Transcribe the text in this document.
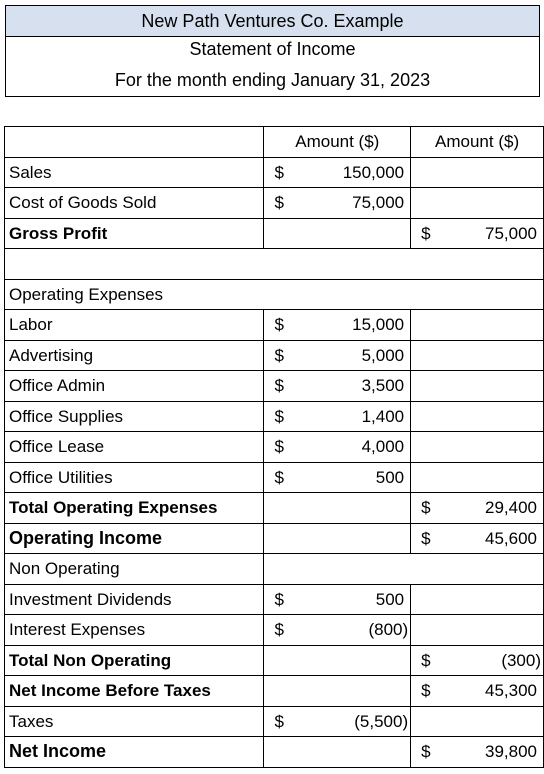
New Path Ventures Co. Example
Statement of Income
For the month ending January 31, 2023
	Amount ($)	Amount ($)
Sales	$ 150,000	

Cost of Goods Sold	$ 75,000	

Gross Profit		$ 75,000

Operating Expenses		
Labor	$ 15,000	

Advertising	$ 5,000	

Office Admin	$ 3,500	

Office Supplies	$ 1,400	

Office Lease	$ 4,000	

Office Utilities	$ 500	

Total Operating Expenses		$ 29,400

Operating Income		$ 45,600

Non Operating		
Investment Dividends	$ 500	

Interest Expenses	$ (800)	

Total Non Operating		$ (300)

Net Income Before Taxes		$ 45,300

Taxes	$ (5,500)	

Net Income		$ 39,800
